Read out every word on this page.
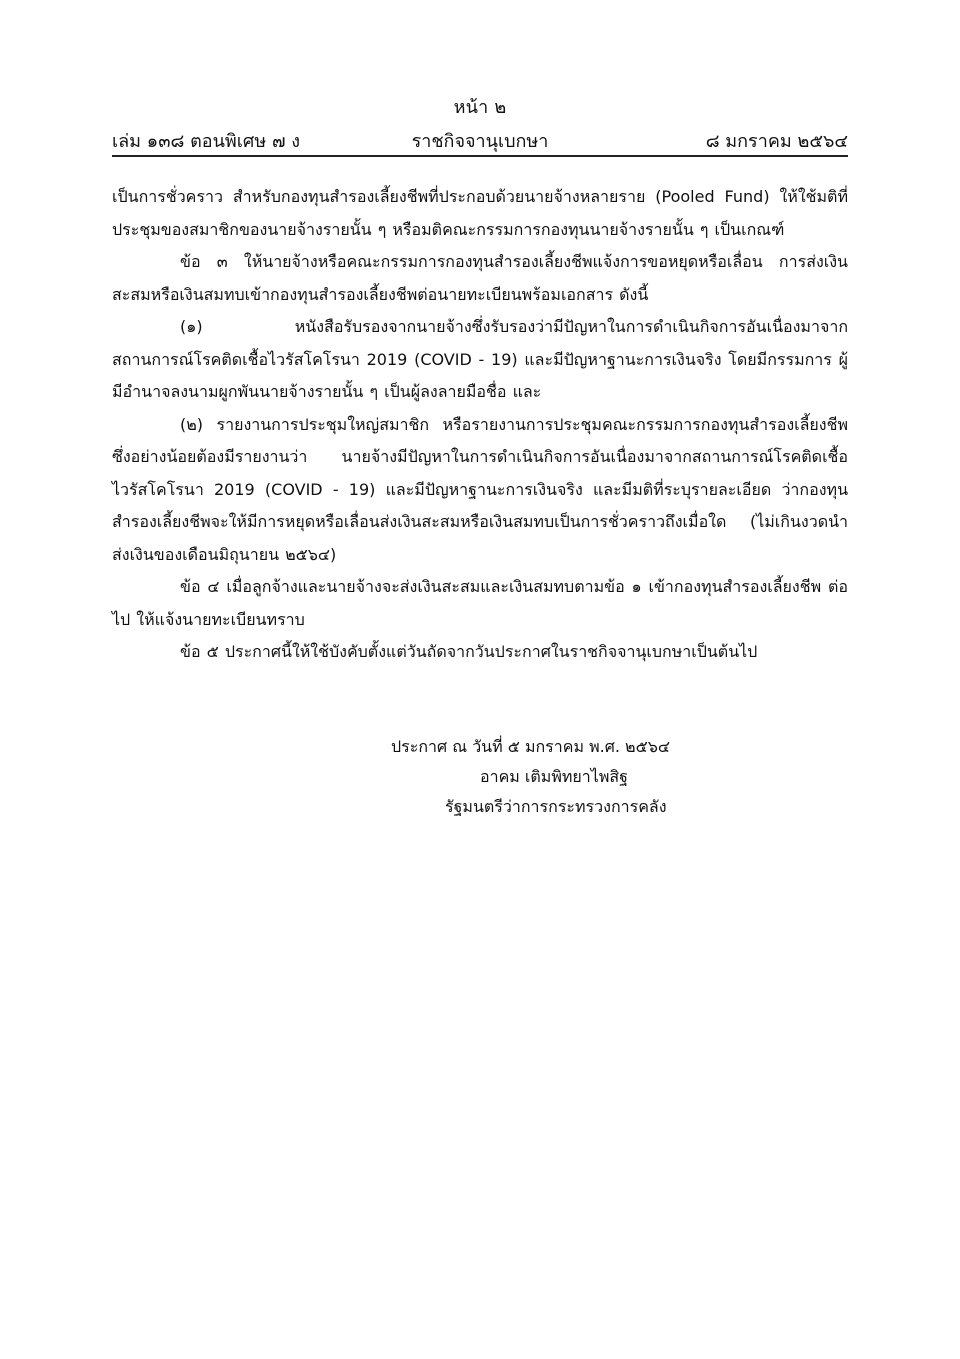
หน้า ๒
เล่ม ๑๓๘ ตอนพิเศษ ๗ ง	ราชกิจจานุเบกษา	๘ มกราคม ๒๕๖๔

เป็นการชั่วคราว สำหรับกองทุนสำรองเลี้ยงชีพที่ประกอบด้วยนายจ้างหลายราย (Pooled Fund) ให้ใช้มติที่ประชุมของสมาชิกของนายจ้างรายนั้น ๆ หรือมติคณะกรรมการกองทุนนายจ้างรายนั้น ๆ เป็นเกณฑ์

ข้อ ๓ ให้นายจ้างหรือคณะกรรมการกองทุนสำรองเลี้ยงชีพแจ้งการขอหยุดหรือเลื่อน การส่งเงินสะสมหรือเงินสมทบเข้ากองทุนสำรองเลี้ยงชีพต่อนายทะเบียนพร้อมเอกสาร ดังนี้

(๑) หนังสือรับรองจากนายจ้างซึ่งรับรองว่ามีปัญหาในการดำเนินกิจการอันเนื่องมาจาก สถานการณ์โรคติดเชื้อไวรัสโคโรนา 2019 (COVID - 19) และมีปัญหาฐานะการเงินจริง โดยมีกรรมการ ผู้มีอำนาจลงนามผูกพันนายจ้างรายนั้น ๆ เป็นผู้ลงลายมือชื่อ และ

(๒) รายงานการประชุมใหญ่สมาชิก หรือรายงานการประชุมคณะกรรมการกองทุนสำรองเลี้ยงชีพ ซึ่งอย่างน้อยต้องมีรายงานว่า นายจ้างมีปัญหาในการดำเนินกิจการอันเนื่องมาจากสถานการณ์โรคติดเชื้อ ไวรัสโคโรนา 2019 (COVID - 19) และมีปัญหาฐานะการเงินจริง และมีมติที่ระบุรายละเอียด ว่ากองทุนสำรองเลี้ยงชีพจะให้มีการหยุดหรือเลื่อนส่งเงินสะสมหรือเงินสมทบเป็นการชั่วคราวถึงเมื่อใด (ไม่เกินงวดนำส่งเงินของเดือนมิถุนายน ๒๕๖๔)

ข้อ ๔ เมื่อลูกจ้างและนายจ้างจะส่งเงินสะสมและเงินสมทบตามข้อ ๑ เข้ากองทุนสำรองเลี้ยงชีพ ต่อไป ให้แจ้งนายทะเบียนทราบ

ข้อ ๕ ประกาศนี้ให้ใช้บังคับตั้งแต่วันถัดจากวันประกาศในราชกิจจานุเบกษาเป็นต้นไป

ประกาศ ณ วันที่ ๕ มกราคม พ.ศ. ๒๕๖๔
อาคม เติมพิทยาไพสิฐ
รัฐมนตรีว่าการกระทรวงการคลัง
